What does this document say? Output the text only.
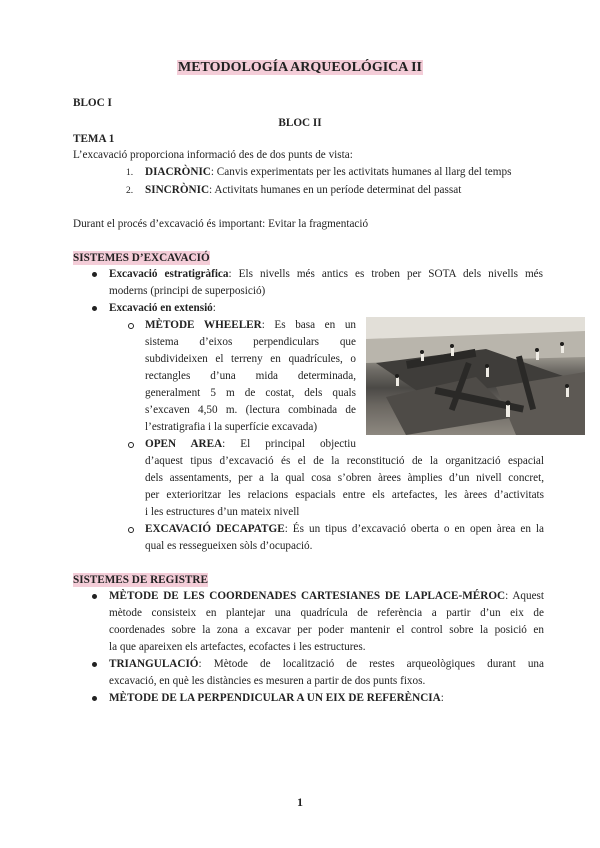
METODOLOGÍA ARQUEOLÓGICA II
BLOC I
BLOC II
TEMA 1
L’excavació proporciona informació des de dos punts de vista:
1. DIACRÒNIC: Canvis experimentats per les activitats humanes al llarg del temps
2. SINCRÒNIC: Activitats humanes en un període determinat del passat
Durant el procés d’excavació és important: Evitar la fragmentació
SISTEMES D’EXCAVACIÓ
Excavació estratigràfica: Els nivells més antics es troben per SOTA dels nivells més
moderns (principi de superposició)
Excavació en extensió:
MÈTODE WHEELER: Es basa en un
sistema d’eixos perpendiculars que
subdivideixen el terreny en quadrícules, o
rectangles d’una mida determinada,
generalment 5 m de costat, dels quals
s’excaven 4,50 m. (lectura combinada de
l’estratigrafia i la superfície excavada)
OPEN AREA: El principal objectiu
d’aquest tipus d’excavació és el de la reconstitució de la organització espacial
dels assentaments, per a la qual cosa s’obren àrees àmplies d’un nivell concret,
per exterioritzar les relacions espacials entre els artefactes, les àrees d’activitats
i les estructures d’un mateix nivell
EXCAVACIÓ DECAPATGE: És un tipus d’excavació oberta o en open àrea en la
qual es ressegueixen sòls d’ocupació.
SISTEMES DE REGISTRE
MÈTODE DE LES COORDENADES CARTESIANES DE LAPLACE-MÉROC: Aquest
mètode consisteix en plantejar una quadrícula de referència a partir d’un eix de
coordenades sobre la zona a excavar per poder mantenir el control sobre la posició en
la que apareixen els artefactes, ecofactes i les estructures.
TRIANGULACIÓ: Mètode de localització de restes arqueològiques durant una
excavació, en què les distàncies es mesuren a partir de dos punts fixos.
MÈTODE DE LA PERPENDICULAR A UN EIX DE REFERÈNCIA:
1
